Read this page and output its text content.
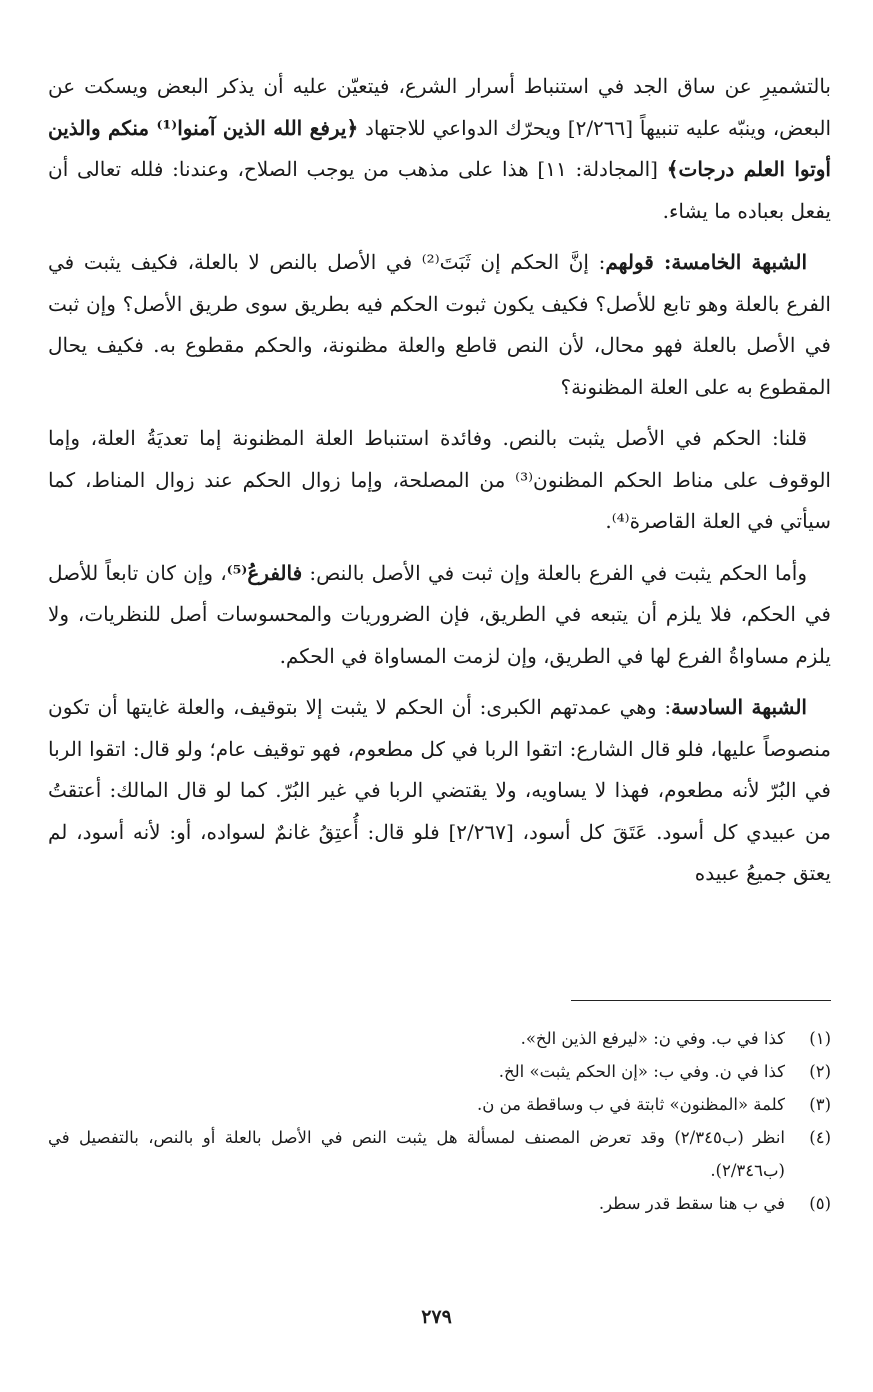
بالتشميرِ عن ساق الجد في استنباط أسرار الشرع، فيتعيّن عليه أن يذكر البعض ويسكت عن البعض، وينبّه عليه تنبيهاً [٢/٢٦٦] ويحرّك الدواعي للاجتهاد ﴿يرفع الله الذين آمنوا⁽¹⁾ منكم والذين أوتوا العلم درجات﴾ [المجادلة: ١١] هذا على مذهب من يوجب الصلاح، وعندنا: فلله تعالى أن يفعل بعباده ما يشاء.

الشبهة الخامسة: قولهم: إنَّ الحكم إن ثَبَتَ⁽²⁾ في الأصل بالنص لا بالعلة، فكيف يثبت في الفرع بالعلة وهو تابع للأصل؟ فكيف يكون ثبوت الحكم فيه بطريق سوى طريق الأصل؟ وإن ثبت في الأصل بالعلة فهو محال، لأن النص قاطع والعلة مظنونة، والحكم مقطوع به. فكيف يحال المقطوع به على العلة المظنونة؟

قلنا: الحكم في الأصل يثبت بالنص. وفائدة استنباط العلة المظنونة إما تعديَةُ العلة، وإما الوقوف على مناط الحكم المظنون⁽³⁾ من المصلحة، وإما زوال الحكم عند زوال المناط، كما سيأتي في العلة القاصرة⁽⁴⁾.

وأما الحكم يثبت في الفرع بالعلة وإن ثبت في الأصل بالنص: فالفرعُ⁽⁵⁾، وإن كان تابعاً للأصل في الحكم، فلا يلزم أن يتبعه في الطريق، فإن الضروريات والمحسوسات أصل للنظريات، ولا يلزم مساواةُ الفرع لها في الطريق، وإن لزمت المساواة في الحكم.

الشبهة السادسة: وهي عمدتهم الكبرى: أن الحكم لا يثبت إلا بتوقيف، والعلة غايتها أن تكون منصوصاً عليها، فلو قال الشارع: اتقوا الربا في كل مطعوم، فهو توقيف عام؛ ولو قال: اتقوا الربا في البُرّ لأنه مطعوم، فهذا لا يساويه، ولا يقتضي الربا في غير البُرّ. كما لو قال المالك: أعتقتُ من عبيدي كل أسود. عَتَقَ كل أسود، [٢/٢٦٧] فلو قال: أُعتِقُ غانمٌ لسواده، أو: لأنه أسود، لم يعتق جميعُ عبيده

(١)
كذا في ب. وفي ن: «ليرفع الذين الخ».
(٢)
كذا في ن. وفي ب: «إن الحكم يثبت» الخ.
(٣)
كلمة «المظنون» ثابتة في ب وساقطة من ن.
(٤)
انظر (ب٢/٣٤٥) وقد تعرض المصنف لمسألة هل يثبت النص في الأصل بالعلة أو بالنص، بالتفصيل في (ب٢/٣٤٦).
(٥)
في ب هنا سقط قدر سطر.
٢٧٩
